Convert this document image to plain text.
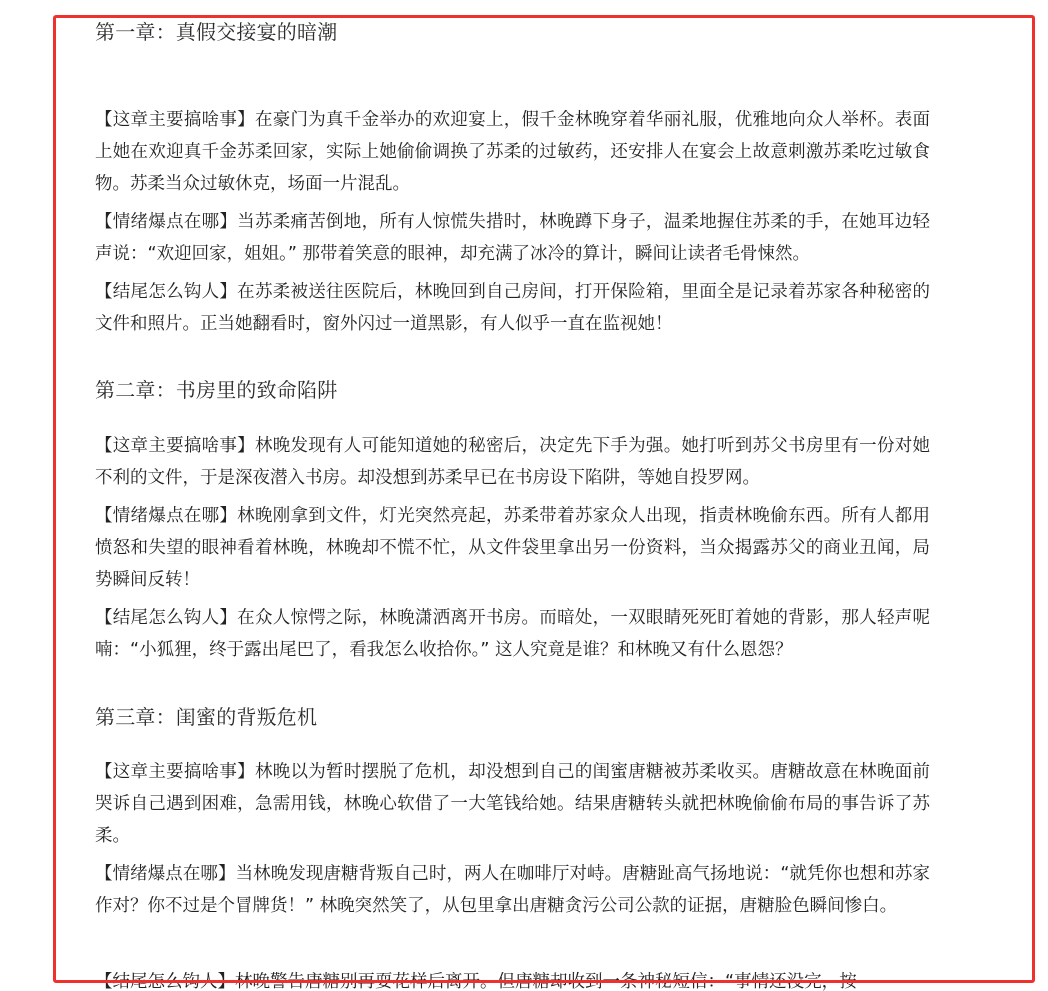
第一章：真假交接宴的暗潮

【这章主要搞啥事】在豪门为真千金举办的欢迎宴上，假千金林晚穿着华丽礼服，优雅地向众人举杯。表面上她在欢迎真千金苏柔回家，实际上她偷偷调换了苏柔的过敏药，还安排人在宴会上故意刺激苏柔吃过敏食物。苏柔当众过敏休克，场面一片混乱。

【情绪爆点在哪】当苏柔痛苦倒地，所有人惊慌失措时，林晚蹲下身子，温柔地握住苏柔的手，在她耳边轻声说：“欢迎回家，姐姐。” 那带着笑意的眼神，却充满了冰冷的算计，瞬间让读者毛骨悚然。

【结尾怎么钩人】在苏柔被送往医院后，林晚回到自己房间，打开保险箱，里面全是记录着苏家各种秘密的文件和照片。正当她翻看时，窗外闪过一道黑影，有人似乎一直在监视她！

第二章：书房里的致命陷阱

【这章主要搞啥事】林晚发现有人可能知道她的秘密后，决定先下手为强。她打听到苏父书房里有一份对她不利的文件，于是深夜潜入书房。却没想到苏柔早已在书房设下陷阱，等她自投罗网。

【情绪爆点在哪】林晚刚拿到文件，灯光突然亮起，苏柔带着苏家众人出现，指责林晚偷东西。所有人都用愤怒和失望的眼神看着林晚，林晚却不慌不忙，从文件袋里拿出另一份资料，当众揭露苏父的商业丑闻，局势瞬间反转！

【结尾怎么钩人】在众人惊愕之际，林晚潇洒离开书房。而暗处，一双眼睛死死盯着她的背影，那人轻声呢喃：“小狐狸，终于露出尾巴了，看我怎么收拾你。” 这人究竟是谁？和林晚又有什么恩怨？

第三章：闺蜜的背叛危机

【这章主要搞啥事】林晚以为暂时摆脱了危机，却没想到自己的闺蜜唐糖被苏柔收买。唐糖故意在林晚面前哭诉自己遇到困难，急需用钱，林晚心软借了一大笔钱给她。结果唐糖转头就把林晚偷偷布局的事告诉了苏柔。

【情绪爆点在哪】当林晚发现唐糖背叛自己时，两人在咖啡厅对峙。唐糖趾高气扬地说：“就凭你也想和苏家作对？你不过是个冒牌货！” 林晚突然笑了，从包里拿出唐糖贪污公司公款的证据，唐糖脸色瞬间惨白。

【结尾怎么钩人】林晚警告唐糖别再耍花样后离开。但唐糖却收到一条神秘短信：“事情还没完，按
